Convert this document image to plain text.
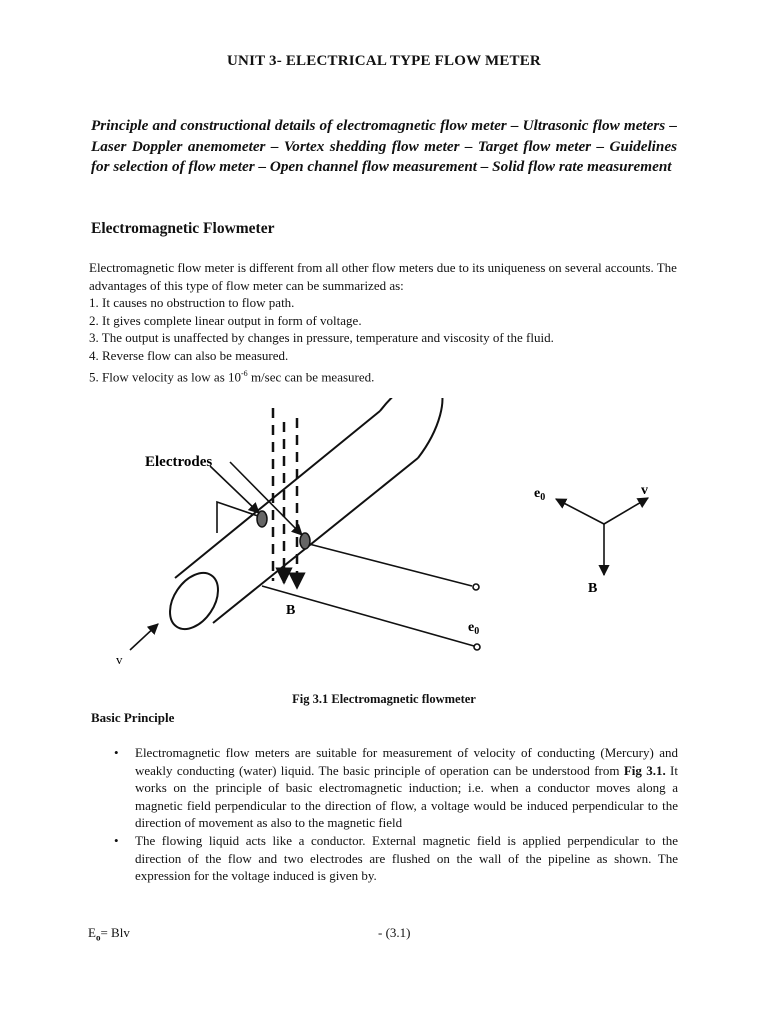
UNIT 3- ELECTRICAL TYPE FLOW METER
Principle and constructional details of electromagnetic flow meter – Ultrasonic flow meters – Laser Doppler anemometer – Vortex shedding flow meter – Target flow meter – Guidelines for selection of flow meter – Open channel flow measurement – Solid flow rate measurement
Electromagnetic Flowmeter

Electromagnetic flow meter is different from all other flow meters due to its uniqueness on several accounts. The advantages of this type of flow meter can be summarized as:

1. It causes no obstruction to flow path.
2. It gives complete linear output in form of voltage.
3. The output is unaffected by changes in pressure, temperature and viscosity of the fluid.
4. Reverse flow can also be measured.
5. Flow velocity as low as $10^{-6}$ m/sec can be measured.
Electrodes
B
v
$e_0$
$e_0$	v
B
Fig 3.1 Electromagnetic flowmeter
Basic Principle
• Electromagnetic flow meters are suitable for measurement of velocity of conducting (Mercury) and weakly conducting (water) liquid. The basic principle of operation can be understood from Fig 3.1. It works on the principle of basic electromagnetic induction; i.e. when a conductor moves along a magnetic field perpendicular to the direction of flow, a voltage would be induced perpendicular to the direction of movement as also to the magnetic field
• The flowing liquid acts like a conductor. External magnetic field is applied perpendicular to the direction of the flow and two electrodes are flushed on the wall of the pipeline as shown. The expression for the voltage induced is given by.
$E_o=$ Blv	- (3.1)
